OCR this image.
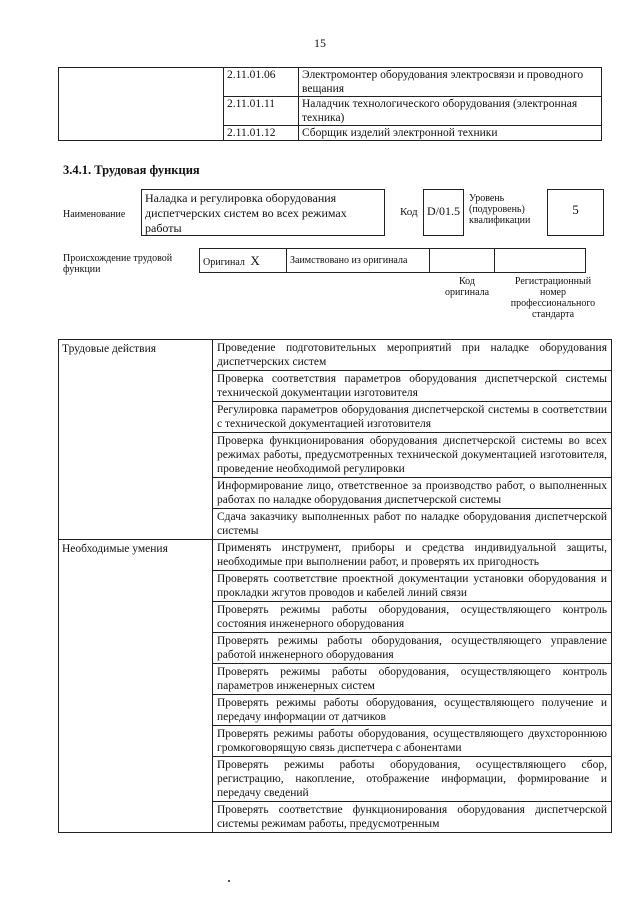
15
	2.11.01.06	Электромонтер оборудования электросвязи и проводного вещания
	2.11.01.11	Наладчик технологического оборудования (электронная техника)
	2.11.01.12	Сборщик изделий электронной техники
3.4.1. Трудовая функция
Наименование
Наладка и регулировка оборудования диспетчерских систем во всех режимах работы
Код D/01.5
Уровень (подуровень) квалификации
5
Происхождение трудовой функции
Оригинал X	Заимствовано из оригинала		
Код оригинала
Регистрационный номер профессионального стандарта
Трудовые действия	Проведение подготовительных мероприятий при наладке оборудования диспетчерских систем
	Проверка соответствия параметров оборудования диспетчерской системы технической документации изготовителя
	Регулировка параметров оборудования диспетчерской системы в соответствии с технической документацией изготовителя
	Проверка функционирования оборудования диспетчерской системы во всех режимах работы, предусмотренных технической документацией изготовителя, проведение необходимой регулировки
	Информирование лицо, ответственное за производство работ, о выполненных работах по наладке оборудования диспетчерской системы
	Сдача заказчику выполненных работ по наладке оборудования диспетчерской системы
Необходимые умения	Применять инструмент, приборы и средства индивидуальной защиты, необходимые при выполнении работ, и проверять их пригодность
	Проверять соответствие проектной документации установки оборудования и прокладки жгутов проводов и кабелей линий связи
	Проверять режимы работы оборудования, осуществляющего контроль состояния инженерного оборудования
	Проверять режимы работы оборудования, осуществляющего управление работой инженерного оборудования
	Проверять режимы работы оборудования, осуществляющего контроль параметров инженерных систем
	Проверять режимы работы оборудования, осуществляющего получение и передачу информации от датчиков
	Проверять режимы работы оборудования, осуществляющего двухстороннюю громкоговорящую связь диспетчера с абонентами
	Проверять режимы работы оборудования, осуществляющего сбор, регистрацию, накопление, отображение информации, формирование и передачу сведений
	Проверять соответствие функционирования оборудования диспетчерской системы режимам работы, предусмотренным
